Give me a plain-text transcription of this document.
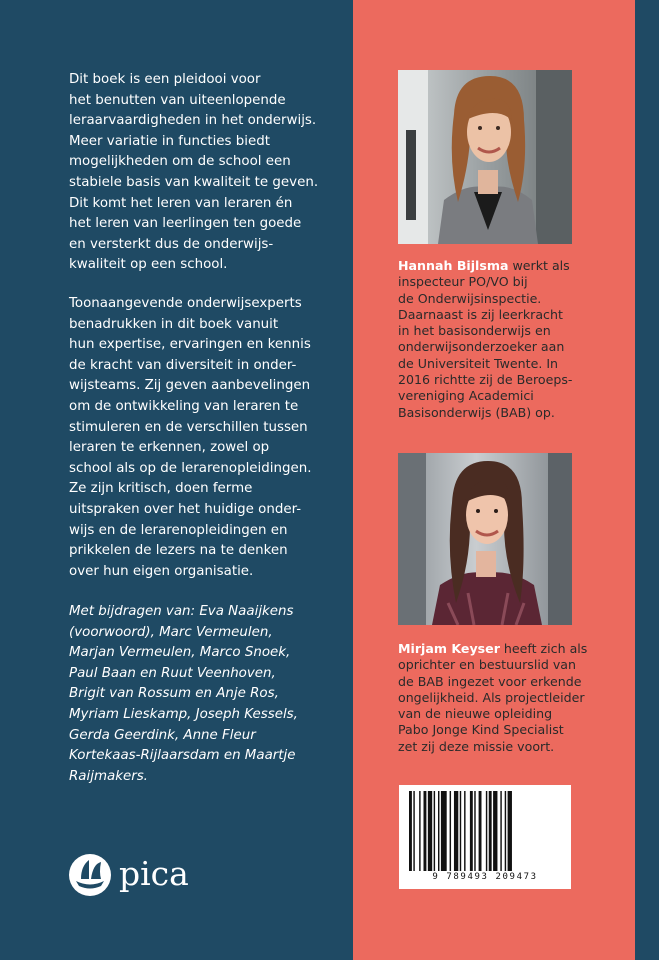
Dit boek is een pleidooi voor
het benutten van uiteenlopende
leraarvaardigheden in het onderwijs.
Meer variatie in functies biedt
mogelijkheden om de school een
stabiele basis van kwaliteit te geven.
Dit komt het leren van leraren én
het leren van leerlingen ten goede
en versterkt dus de onderwijs-
kwaliteit op een school.
Toonaangevende onderwijsexperts
benadrukken in dit boek vanuit
hun expertise, ervaringen en kennis
de kracht van diversiteit in onder-
wijsteams. Zij geven aanbevelingen
om de ontwikkeling van leraren te
stimuleren en de verschillen tussen
leraren te erkennen, zowel op
school als op de lerarenopleidingen.
Ze zijn kritisch, doen ferme
uitspraken over het huidige onder-
wijs en de lerarenopleidingen en
prikkelen de lezers na te denken
over hun eigen organisatie.
Met bijdragen van: Eva Naaijkens
(voorwoord), Marc Vermeulen,
Marjan Vermeulen, Marco Snoek,
Paul Baan en Ruut Veenhoven,
Brigit van Rossum en Anje Ros,
Myriam Lieskamp, Joseph Kessels,
Gerda Geerdink, Anne Fleur
Kortekaas-Rijlaarsdam en Maartje
Raijmakers.
Hannah Bijlsma werkt als
inspecteur PO/VO bij
de Onderwijsinspectie.
Daarnaast is zij leerkracht
in het basisonderwijs en
onderwijsonderzoeker aan
de Universiteit Twente. In
2016 richtte zij de Beroeps-
vereniging Academici
Basisonderwijs (BAB) op.
Mirjam Keyser heeft zich als
oprichter en bestuurslid van
de BAB ingezet voor erkende
ongelijkheid. Als projectleider
van de nieuwe opleiding
Pabo Jonge Kind Specialist
zet zij deze missie voort.
9 789493 209473
pica
